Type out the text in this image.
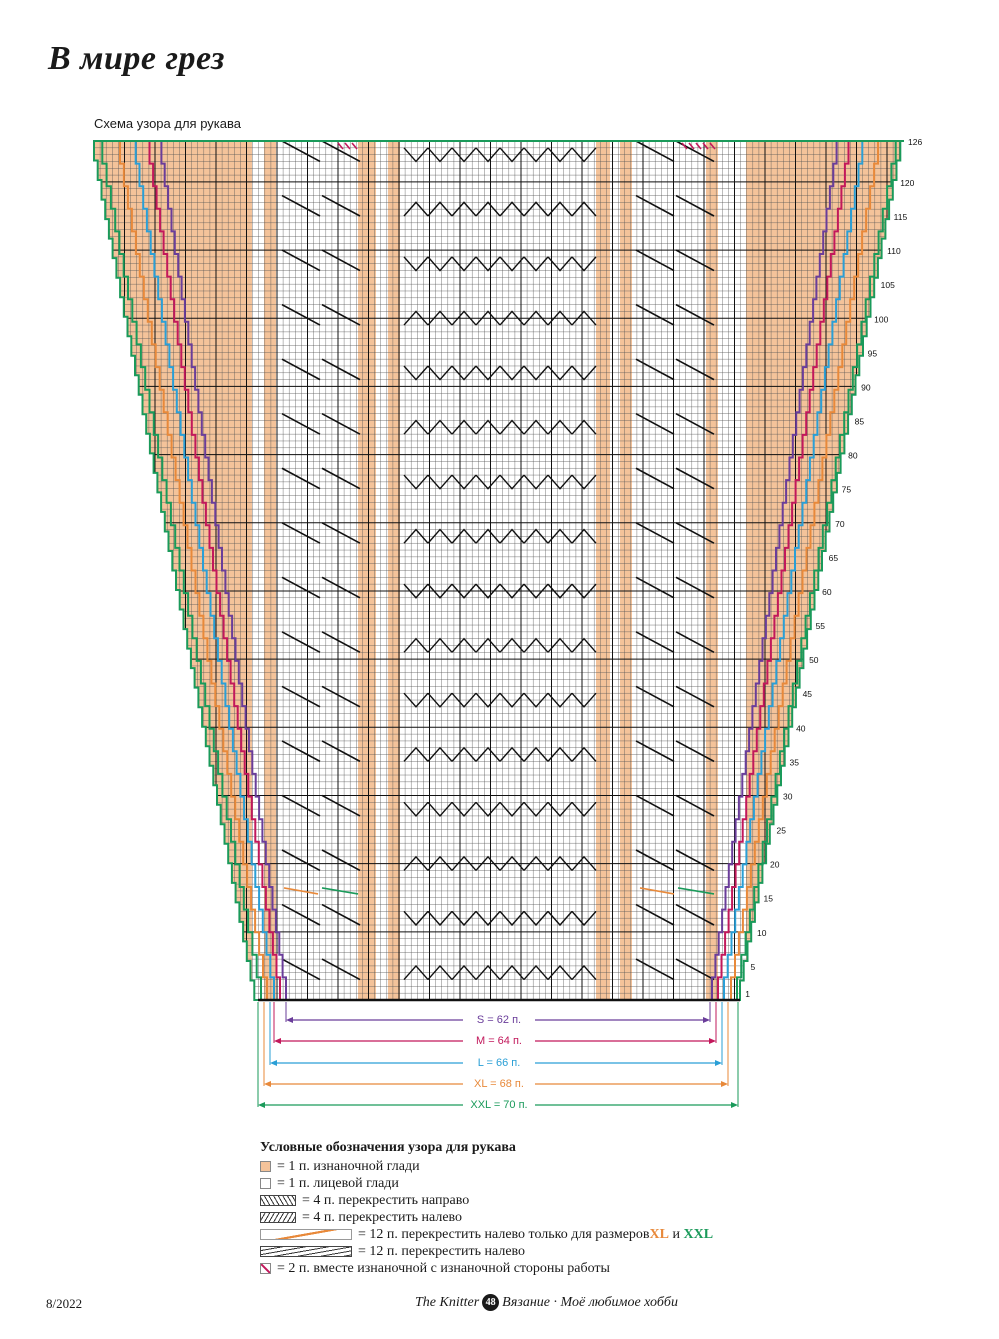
В мире грез
Схема узора для рукава
126
120
115
110
105
100
95
90
85
80
75
70
65
60
55
50
45
40
35
30
25
20
15
10
5
1
S = 62 п.
M = 64 п.
L = 66 п.
XL = 68 п.
XXL = 70 п.
Условные обозначения узора для рукава
= 1 п. изнаночной глади
= 1 п. лицевой глади
= 4 п. перекрестить направо
= 4 п. перекрестить налево
= 12 п. перекрестить налево только для размеров XL и XXL
= 12 п. перекрестить налево
= 2 п. вместе изнаночной с изнаночной стороны работы
8/2022	The Knitter 48 Вязание · Моё любимое хобби
